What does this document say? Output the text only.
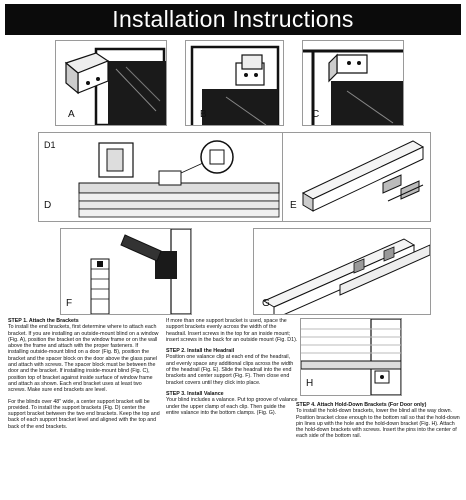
Installation Instructions
A	B	C
D1
D	E
F	G
H

STEP 1. Attach the Brackets
To install the end brackets, first determine where to attach each bracket. If you are installing an outside-mount blind on a window (Fig. A), position the bracket on the window frame or on the wall above the frame and attach with the proper fasteners. If installing outside-mount blind on a door (Fig. B), position the bracket and the spacer block on the door above the glass panel and attach with screws. The spacer block must be between the door and the bracket. If installing inside-mount blind (Fig. C), position top of bracket against inside surface of window frame and attach as shown. Each end bracket uses at least two screws. Make sure end brackets are level.

For the blinds over 48" wide, a center support bracket will be provided. To install the support brackets (Fig. D) center the support bracket between the two end brackets. Keep the top and back of each support bracket level and aligned with the top and back of the end brackets.

If more than one support bracket is used, space the support brackets evenly across the width of the headrail. Insert screws in the top for an inside mount; insert screws in the back for an outside mount (Fig. D1).

STEP 2. Install the Headrail
Position one valance clip at each end of the headrail, and evenly space any additional clips across the width of the headrail (Fig. E). Slide the headrail into the end brackets and center support (Fig. F). Then close end bracket covers until they click into place.

STEP 3. Install Valance
Your blind includes a valance. Put top groove of valance under the upper clamp of each clip. Then guide the entire valance into the bottom clamps. (Fig. G).

STEP 4. Attach Hold-Down Brackets (For Door only)
To install the hold-down brackets, lower the blind all the way down. Position bracket close enough to the bottom rail so that the hold-down pin lines up with the hole and the hold-down bracket (Fig. H). Attach the hold-down brackets with screws. Insert the pins into the center of each side of the bottom rail.
